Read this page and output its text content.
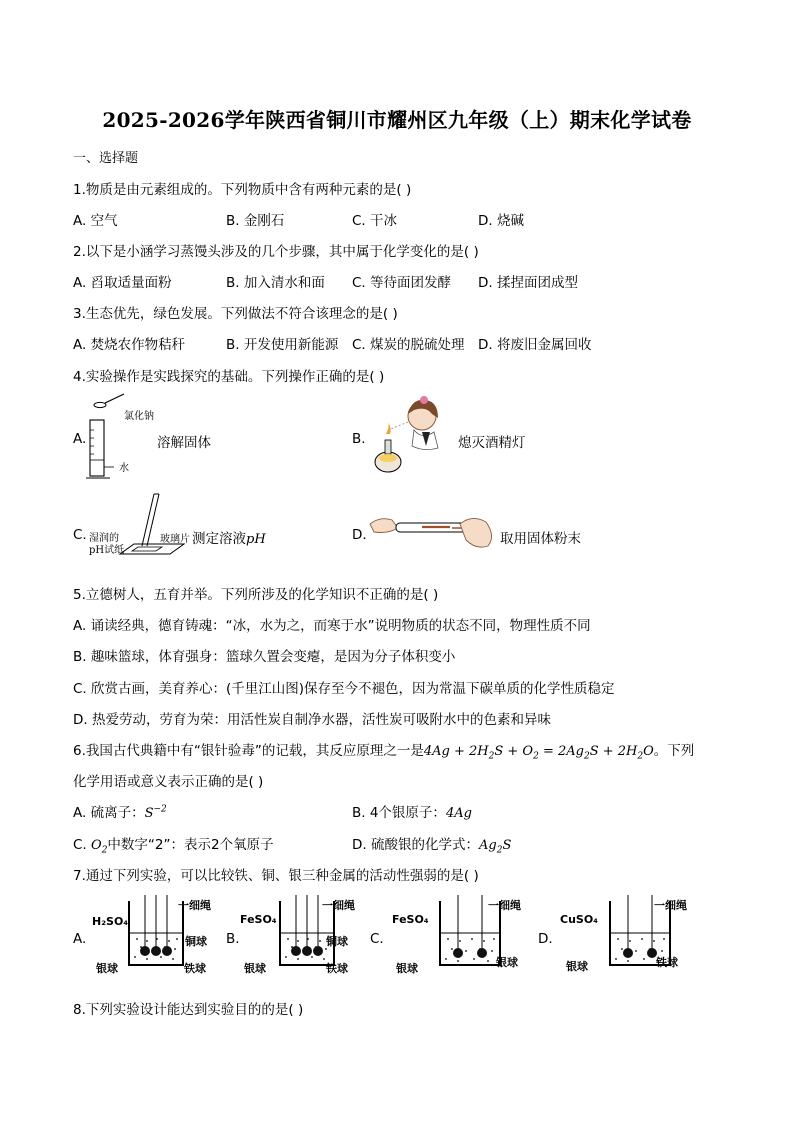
2025-2026学年陕西省铜川市耀州区九年级（上）期末化学试卷
一、选择题
1.物质是由元素组成的。下列物质中含有两种元素的是( )
A. 空气	B. 金刚石	C. 干冰	D. 烧碱
2.以下是小涵学习蒸馒头涉及的几个步骤，其中属于化学变化的是( )
A. 舀取适量面粉	B. 加入清水和面 C. 等待面团发酵 D. 揉捏面团成型
3.生态优先，绿色发展。下列做法不符合该理念的是( )
A. 焚烧农作物秸秆	B. 开发使用新能源 C. 煤炭的脱硫处理 D. 将废旧金属回收
4.实验操作是实践探究的基础。下列操作正确的是( )
A.
氯化钠
水
溶解固体	B.	熄灭酒精灯
C. 湿润的
pH试纸
玻璃片 测定溶液pH	D.	取用固体粉末
5.立德树人，五育并举。下列所涉及的化学知识不正确的是( )
A. 诵读经典，德育铸魂：“冰，水为之，而寒于水”说明物质的状态不同，物理性质不同
B. 趣味篮球，体育强身：篮球久置会变瘪，是因为分子体积变小
C. 欣赏古画，美育养心：(千里江山图)保存至今不褪色，因为常温下碳单质的化学性质稳定
D. 热爱劳动，劳育为荣：用活性炭自制净水器，活性炭可吸附水中的色素和异味
6.我国古代典籍中有“银针验毒”的记载，其反应原理之一是$4Ag + 2H_2S + O_2 = 2Ag_2S + 2H_2O$。下列
化学用语或意义表示正确的是( )
A. 硫离子：$S^{-2}$	B. 4个银原子：4Ag
C. $O_2$中数字“2”：表示2个氧原子	D. 硫酸银的化学式：$Ag_2S$
7.通过下列实验，可以比较铁、铜、银三种金属的活动性强弱的是( )
A.	B.	C.	D.
H₂SO₄
一细绳
铜球
银球	铁球
FeSO₄
一细绳
铜球
银球	铁球
FeSO₄
一细绳
银球	银球
CuSO₄
一细绳
银球	铁球
8.下列实验设计能达到实验目的的是( )
